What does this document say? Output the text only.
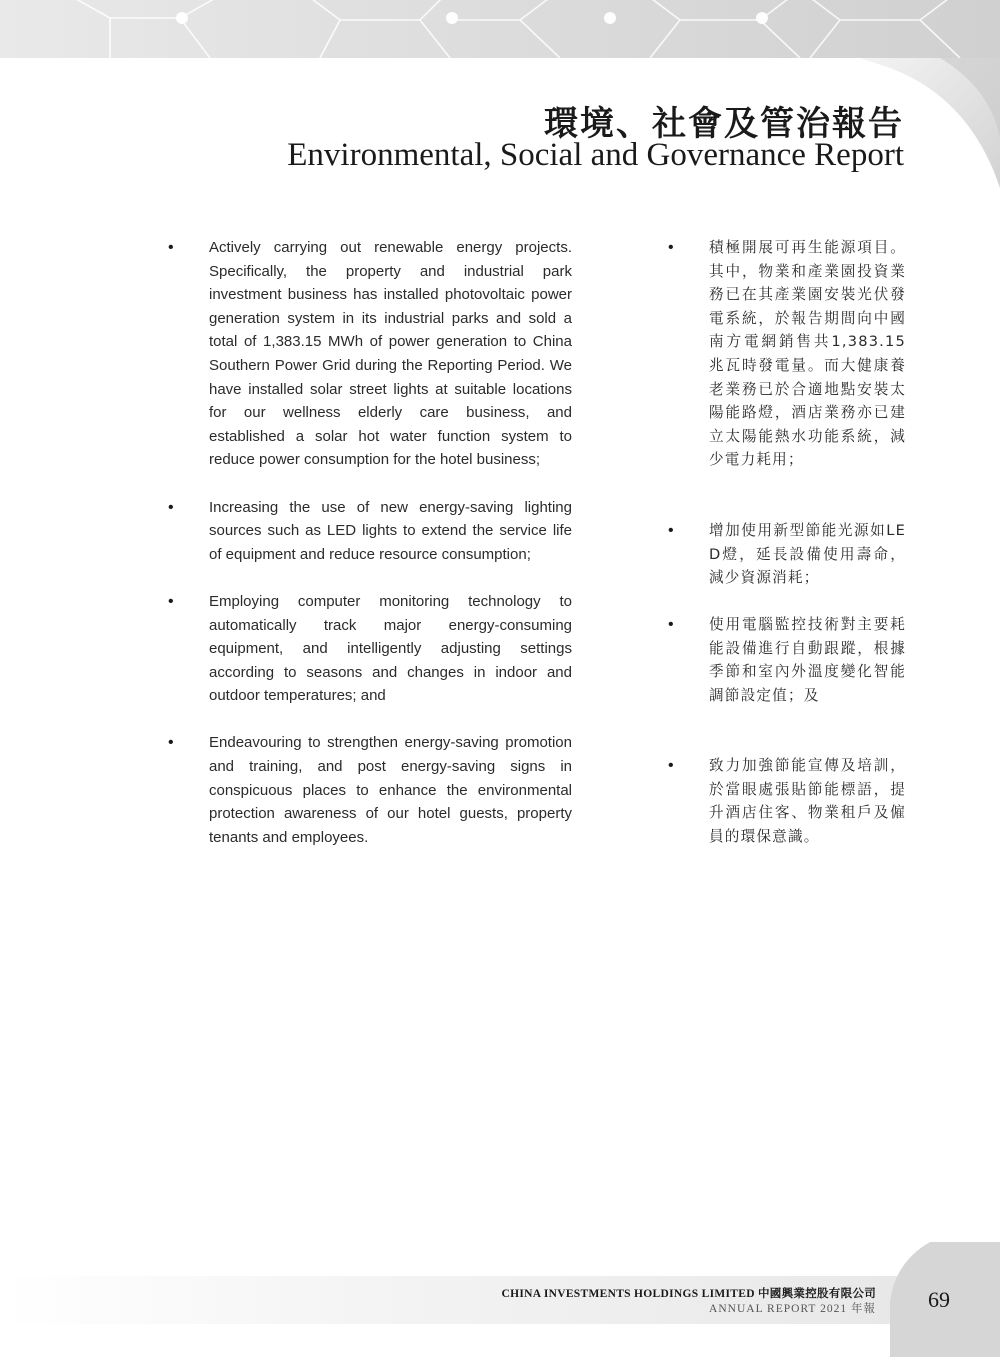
環境、社會及管治報告
Environmental, Social and Governance Report
• Actively carrying out renewable energy projects. Specifically, the property and industrial park investment business has installed photovoltaic power generation system in its industrial parks and sold a total of 1,383.15 MWh of power generation to China Southern Power Grid during the Reporting Period. We have installed solar street lights at suitable locations for our wellness elderly care business, and established a solar hot water function system to reduce power consumption for the hotel business;
• Increasing the use of new energy-saving lighting sources such as LED lights to extend the service life of equipment and reduce resource consumption;
• Employing computer monitoring technology to automatically track major energy-consuming equipment, and intelligently adjusting settings according to seasons and changes in indoor and outdoor temperatures; and
• Endeavouring to strengthen energy-saving promotion and training, and post energy-saving signs in conspicuous places to enhance the environmental protection awareness of our hotel guests, property tenants and employees.
• 積極開展可再生能源項目。其中，物業和產業園投資業務已在其產業園安裝光伏發電系統，於報告期間向中國南方電網銷售共1,383.15兆瓦時發電量。而大健康養老業務已於合適地點安裝太陽能路燈，酒店業務亦已建立太陽能熱水功能系統，減少電力耗用；
• 增加使用新型節能光源如LED燈，延長設備使用壽命，減少資源消耗；
• 使用電腦監控技術對主要耗能設備進行自動跟蹤，根據季節和室內外溫度變化智能調節設定值；及
• 致力加強節能宣傳及培訓，於當眼處張貼節能標語，提升酒店住客、物業租戶及僱員的環保意識。
CHINA INVESTMENTS HOLDINGS LIMITED 中國興業控股有限公司
ANNUAL REPORT 2021 年報 69
